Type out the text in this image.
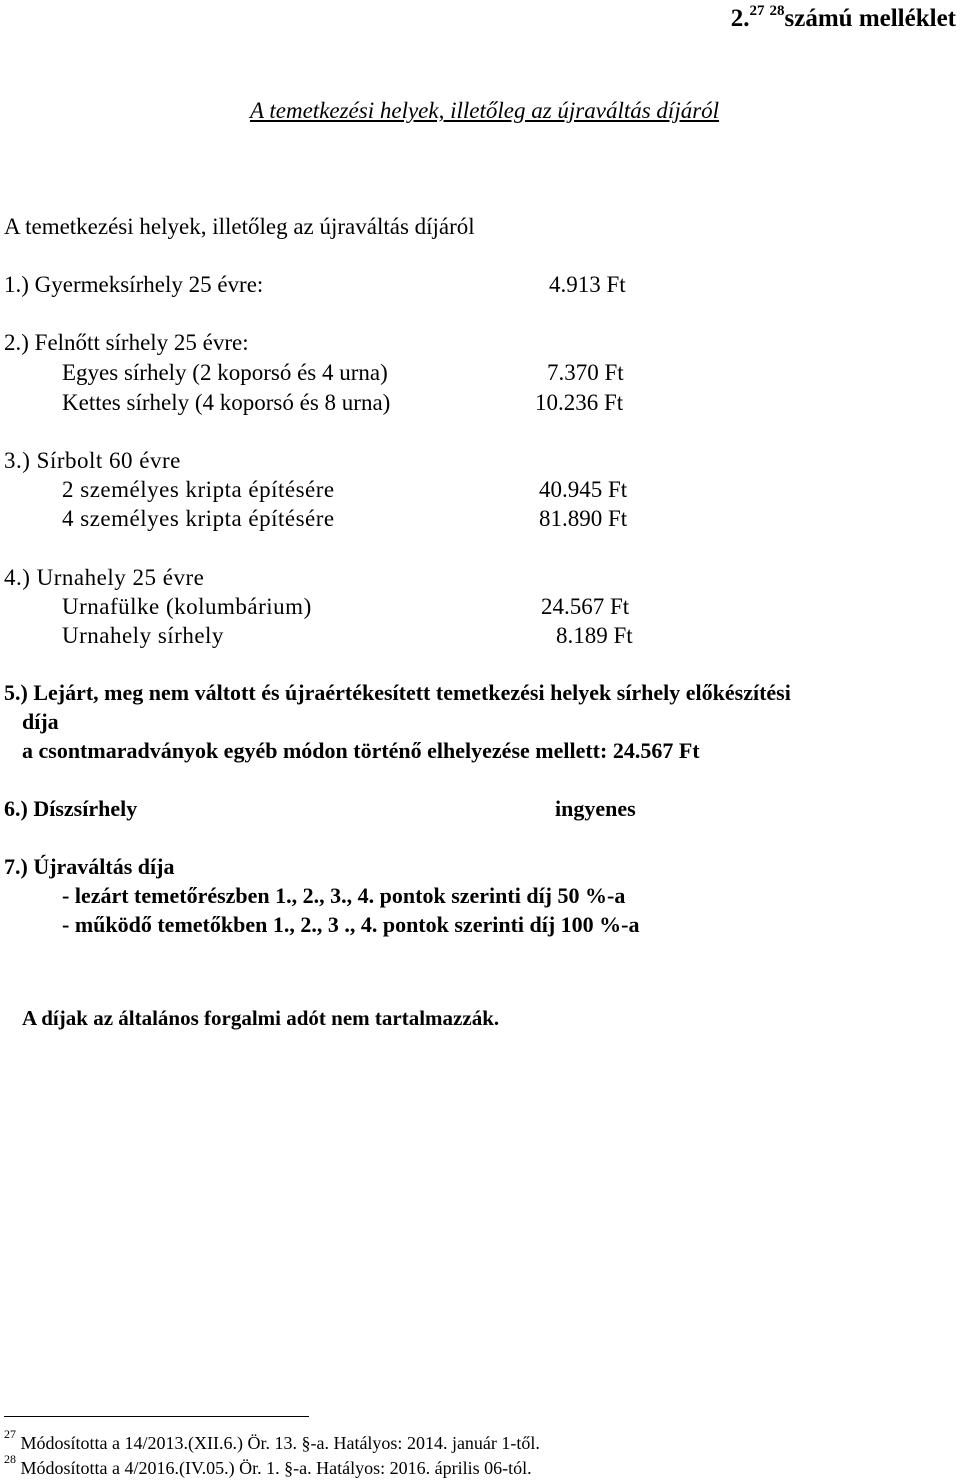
2.27  $^{28}$számú melléklet
A temetkezési helyek, illetőleg az újraváltás díjáról
A temetkezési helyek, illetőleg az újraváltás díjáról
1.) Gyermeksírhely 25 évre:	4.913 Ft
2.) Felnőtt sírhely 25 évre:
Egyes sírhely (2 koporsó és 4 urna)	7.370 Ft
Kettes sírhely (4 koporsó és 8 urna)	10.236 Ft
3.) Sírbolt 60 évre
2 személyes kripta építésére	40.945 Ft
4 személyes kripta építésére	81.890 Ft
4.) Urnahely 25 évre
Urnafülke (kolumbárium)	24.567 Ft
Urnahely sírhely	8.189 Ft
5.) Lejárt, meg nem váltott és újraértékesített temetkezési helyek sírhely előkészítési
díja
a csontmaradványok egyéb módon történő elhelyezése mellett: 24.567 Ft
6.) Díszsírhely	ingyenes
7.) Újraváltás díja
- lezárt temetőrészben 1., 2., 3., 4. pontok szerinti díj 50 %-a
- működő temetőkben 1., 2., 3 ., 4. pontok szerinti díj 100 %-a
A díjak az általános forgalmi adót nem tartalmazzák.
$^{27}$ Módosította a 14/2013.(XII.6.) Ör. 13. §-a. Hatályos: 2014. január 1-től.
$^{28}$ Módosította a 4/2016.(IV.05.) Ör. 1. §-a. Hatályos: 2016. április 06-tól.
